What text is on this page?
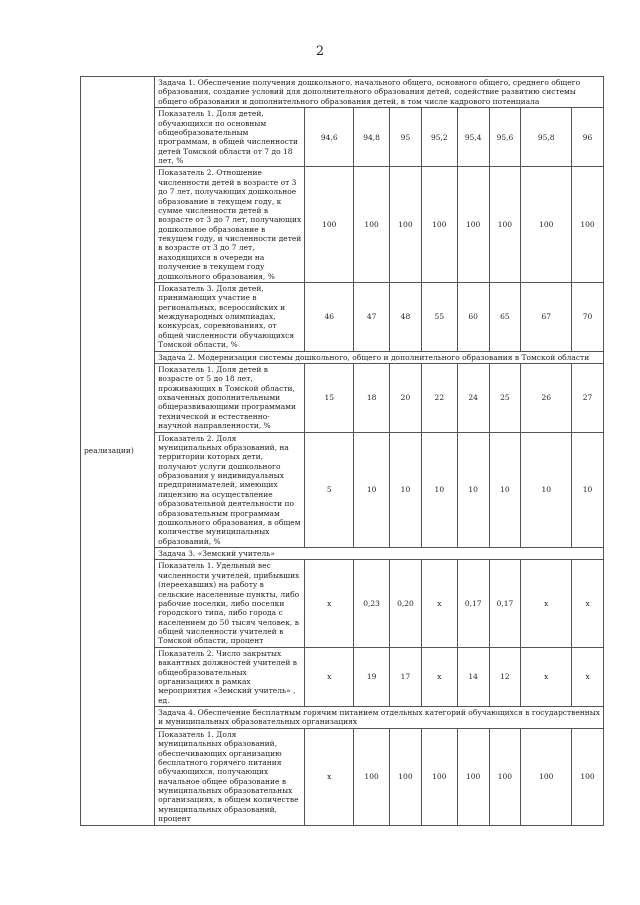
2
реализации)	Задача 1. Обеспечение получения дошкольного, начального общего, основного общего, среднего общего образования, создание условий для дополнительного образования детей, содействие развитию системы общего образования и дополнительного образования детей, в том числе кадрового потенциала								
	Показатель 1. Доля детей, обучающихся по основным общеобразовательным программам, в общей численности детей Томской области от 7 до 18 лет, %	94,6	94,8	95	95,2	95,4	95,6	95,8	96
	Показатель 2. Отношение численности детей в возрасте от 3 до 7 лет, получающих дошкольное образование в текущем году, к сумме численности детей в возрасте от 3 до 7 лет, получающих дошкольное образование в текущем году, и численности детей в возрасте от 3 до 7 лет, находящихся в очереди на получение в текущем году дошкольного образования, %	100	100	100	100	100	100	100	100
	Показатель 3. Доля детей, принимающих участие в региональных, всероссийских и международных олимпиадах, конкурсах, соревнованиях, от общей численности обучающихся Томской области, %	46	47	48	55	60	65	67	70
	Задача 2. Модернизация системы дошкольного, общего и дополнительного образования в Томской области								
	Показатель 1. Доля детей в возрасте от 5 до 18 лет, проживающих в Томской области, охваченных дополнительными общеразвивающими программами технической и естественно-научной направленности, %	15	18	20	22	24	25	26	27
	Показатель 2. Доля муниципальных образований, на территории которых дети, получают услуги дошкольного образования у индивидуальных предпринимателей, имеющих лицензию на осуществление образовательной деятельности по образовательным программам дошкольного образования, в общем количестве муниципальных образований, %	5	10	10	10	10	10	10	10
	Задача 3. «Земский учитель»								
	Показатель 1. Удельный вес численности учителей, прибывших (переехавших) на работу в сельские населенные пункты, либо рабочие поселки, либо поселки городского типа, либо города с населением до 50 тысяч человек, в общей численности учителей в Томской области, процент	х	0,23	0,20	х	0,17	0,17	х	х
	Показатель 2. Число закрытых вакантных должностей учителей в общеобразовательных организациях в рамках мероприятия «Земский учитель» , ед.	х	19	17	х	14	12	х	х
	Задача 4. Обеспечение бесплатным горячим питанием отдельных категорий обучающихся в государственных и муниципальных образовательных организациях								
	Показатель 1. Доля муниципальных образований, обеспечивающих организацию бесплатного горячего питания обучающихся, получающих начальное общее образование в муниципальных образовательных организациях, в общем количестве муниципальных образований, процент	х	100	100	100	100	100	100	100
